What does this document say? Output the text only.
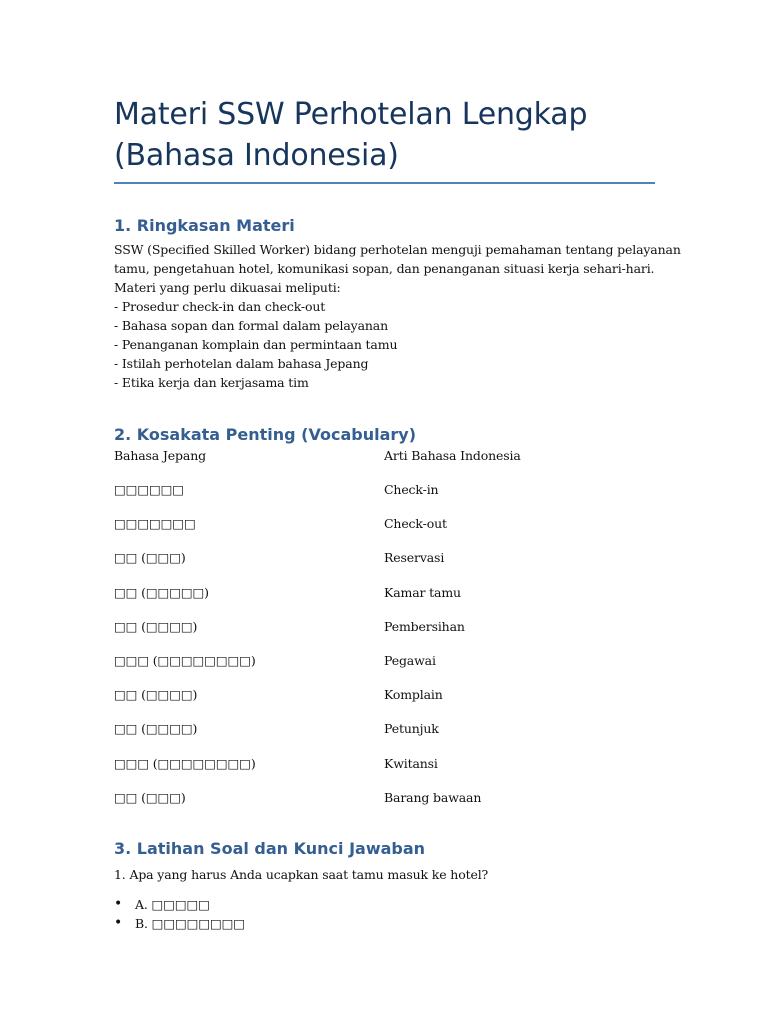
Materi SSW Perhotelan Lengkap
(Bahasa Indonesia)
1. Ringkasan Materi
SSW (Specified Skilled Worker) bidang perhotelan menguji pemahaman tentang pelayanan
tamu, pengetahuan hotel, komunikasi sopan, dan penanganan situasi kerja sehari-hari.
Materi yang perlu dikuasai meliputi:
- Prosedur check-in dan check-out
- Bahasa sopan dan formal dalam pelayanan
- Penanganan komplain dan permintaan tamu
- Istilah perhotelan dalam bahasa Jepang
- Etika kerja dan kerjasama tim
2. Kosakata Penting (Vocabulary)
Bahasa Jepang	Arti Bahasa Indonesia
□□□□□□	Check-in
□□□□□□□	Check-out
□□ (□□□)	Reservasi
□□ (□□□□□)	Kamar tamu
□□ (□□□□)	Pembersihan
□□□ (□□□□□□□□)	Pegawai
□□ (□□□□)	Komplain
□□ (□□□□)	Petunjuk
□□□ (□□□□□□□□)	Kwitansi
□□ (□□□)	Barang bawaan
3. Latihan Soal dan Kunci Jawaban
1. Apa yang harus Anda ucapkan saat tamu masuk ke hotel?
• A. □□□□□
• B. □□□□□□□□
